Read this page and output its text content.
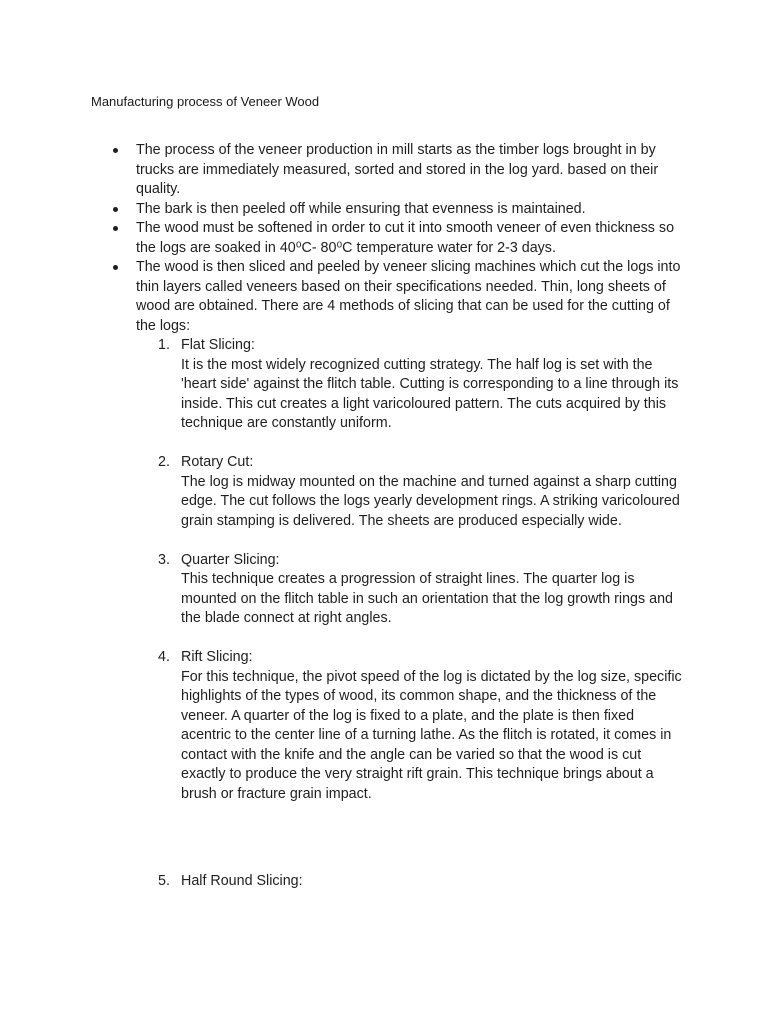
Manufacturing process of Veneer Wood
The process of the veneer production in mill starts as the timber logs brought in by trucks are immediately measured, sorted and stored in the log yard. based on their quality.
The bark is then peeled off while ensuring that evenness is maintained.
The wood must be softened in order to cut it into smooth veneer of even thickness so the logs are soaked in 40⁰C- 80⁰C temperature water for 2-3 days.
The wood is then sliced and peeled by veneer slicing machines which cut the logs into thin layers called veneers based on their specifications needed. Thin, long sheets of wood are obtained. There are 4 methods of slicing that can be used for the cutting of the logs:
1. Flat Slicing:
It is the most widely recognized cutting strategy. The half log is set with the 'heart side' against the flitch table. Cutting is corresponding to a line through its inside. This cut creates a light varicoloured pattern. The cuts acquired by this technique are constantly uniform.
2. Rotary Cut:
The log is midway mounted on the machine and turned against a sharp cutting edge. The cut follows the logs yearly development rings. A striking varicoloured grain stamping is delivered. The sheets are produced especially wide.
3. Quarter Slicing:
This technique creates a progression of straight lines. The quarter log is mounted on the flitch table in such an orientation that the log growth rings and the blade connect at right angles.
4. Rift Slicing:
For this technique, the pivot speed of the log is dictated by the log size, specific highlights of the types of wood, its common shape, and the thickness of the veneer. A quarter of the log is fixed to a plate, and the plate is then fixed acentric to the center line of a turning lathe. As the flitch is rotated, it comes in contact with the knife and the angle can be varied so that the wood is cut exactly to produce the very straight rift grain. This technique brings about a brush or fracture grain impact.
5. Half Round Slicing:
